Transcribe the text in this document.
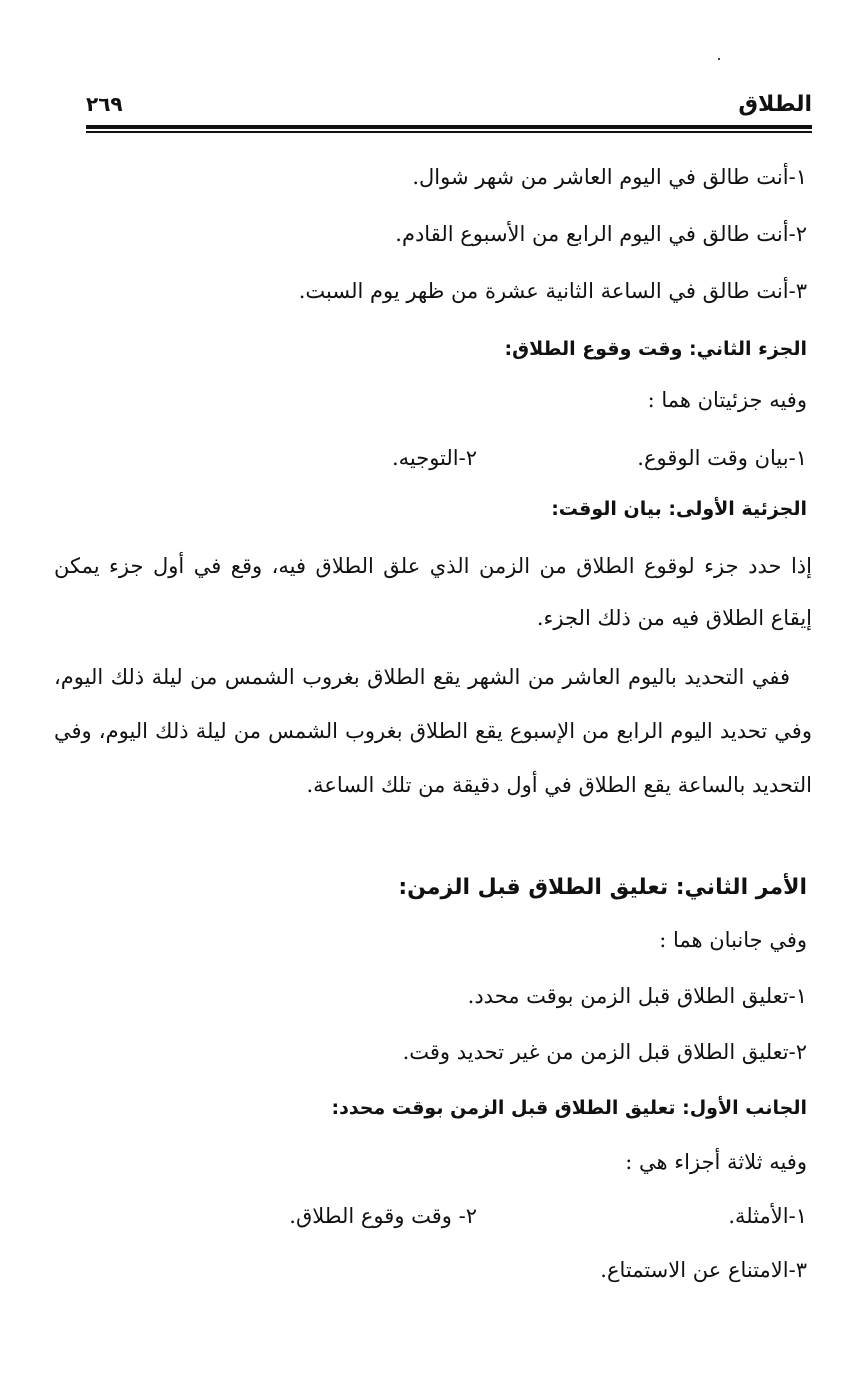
الطلاق
٢٦٩
١-أنت طالق في اليوم العاشر من شهر شوال.
٢-أنت طالق في اليوم الرابع من الأسبوع القادم.
٣-أنت طالق في الساعة الثانية عشرة من ظهر يوم السبت.
الجزء الثاني: وقت وقوع الطلاق:
وفيه جزئيتان هما :
١-بيان وقت الوقوع.
٢-التوجيه.
الجزئية الأولى: بيان الوقت:
إذا حدد جزء لوقوع الطلاق من الزمن الذي علق الطلاق فيه، وقع في أول جزء يمكن إيقاع الطلاق فيه من ذلك الجزء.
ففي التحديد باليوم العاشر من الشهر يقع الطلاق بغروب الشمس من ليلة ذلك اليوم، وفي تحديد اليوم الرابع من الإسبوع يقع الطلاق بغروب الشمس من ليلة ذلك اليوم، وفي التحديد بالساعة يقع الطلاق في أول دقيقة من تلك الساعة.
الأمر الثاني: تعليق الطلاق قبل الزمن:
وفي جانبان هما :
١-تعليق الطلاق قبل الزمن بوقت محدد.
٢-تعليق الطلاق قبل الزمن من غير تحديد وقت.
الجانب الأول: تعليق الطلاق قبل الزمن بوقت محدد:
وفيه ثلاثة أجزاء هي :
١-الأمثلة.
٢- وقت وقوع الطلاق.
٣-الامتناع عن الاستمتاع.
